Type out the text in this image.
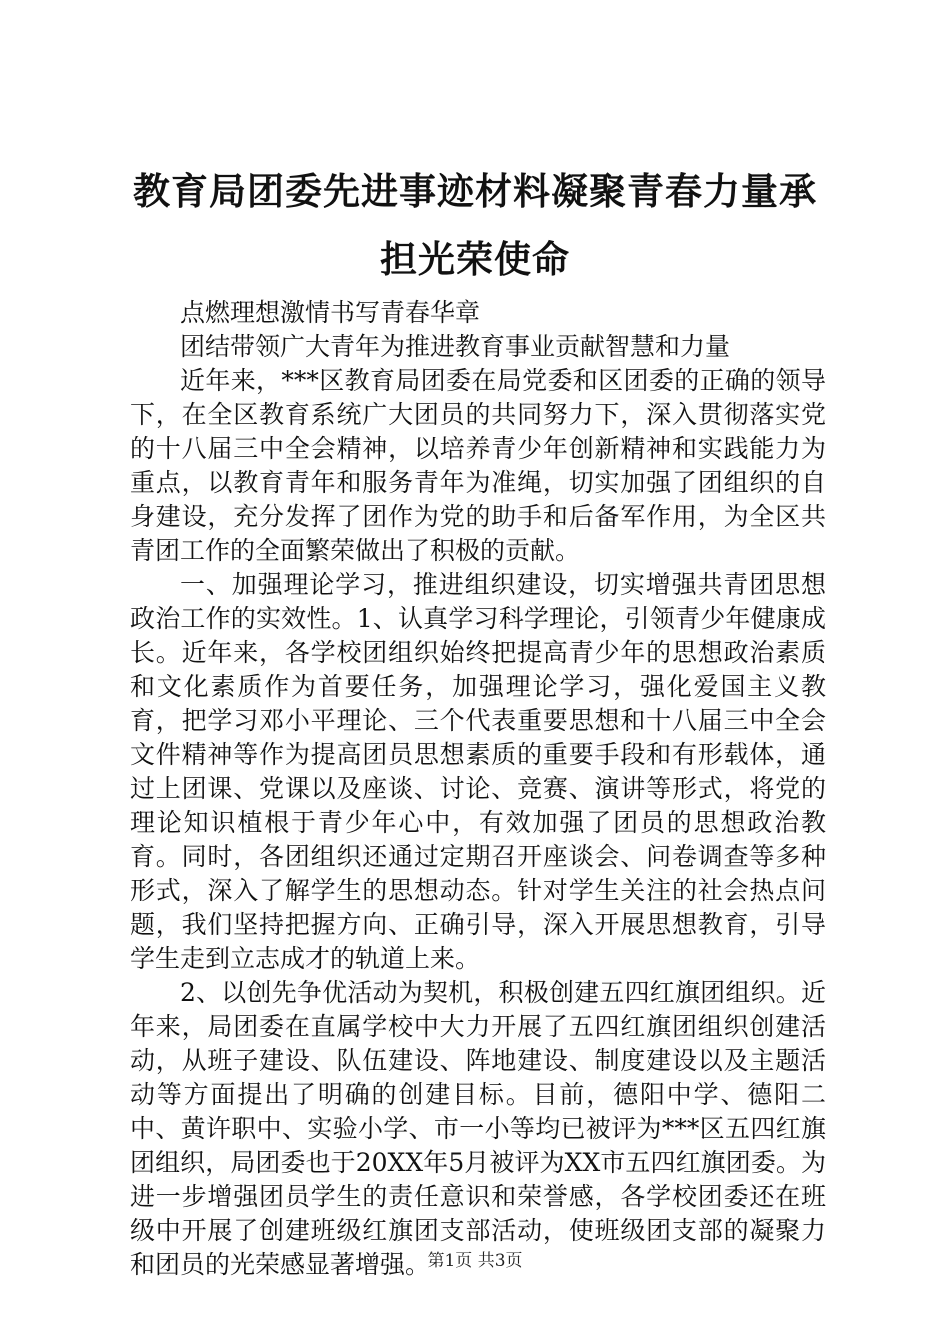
教育局团委先进事迹材料凝聚青春力量承担光荣使命

点燃理想激情书写青春华章

团结带领广大青年为推进教育事业贡献智慧和力量

近年来，***区教育局团委在局党委和区团委的正确的领导下，在全区教育系统广大团员的共同努力下，深入贯彻落实党的十八届三中全会精神，以培养青少年创新精神和实践能力为重点，以教育青年和服务青年为准绳，切实加强了团组织的自身建设，充分发挥了团作为党的助手和后备军作用，为全区共青团工作的全面繁荣做出了积极的贡献。

一、加强理论学习，推进组织建设，切实增强共青团思想政治工作的实效性。1、认真学习科学理论，引领青少年健康成长。近年来，各学校团组织始终把提高青少年的思想政治素质和文化素质作为首要任务，加强理论学习，强化爱国主义教育，把学习邓小平理论、三个代表重要思想和十八届三中全会文件精神等作为提高团员思想素质的重要手段和有形载体，通过上团课、党课以及座谈、讨论、竞赛、演讲等形式，将党的理论知识植根于青少年心中，有效加强了团员的思想政治教育。同时，各团组织还通过定期召开座谈会、问卷调查等多种形式，深入了解学生的思想动态。针对学生关注的社会热点问题，我们坚持把握方向、正确引导，深入开展思想教育，引导学生走到立志成才的轨道上来。

2、以创先争优活动为契机，积极创建五四红旗团组织。近年来，局团委在直属学校中大力开展了五四红旗团组织创建活动，从班子建设、队伍建设、阵地建设、制度建设以及主题活动等方面提出了明确的创建目标。目前，德阳中学、德阳二中、黄许职中、实验小学、市一小等均已被评为***区五四红旗团组织，局团委也于20XX年5月被评为XX市五四红旗团委。为进一步增强团员学生的责任意识和荣誉感，各学校团委还在班级中开展了创建班级红旗团支部活动，使班级团支部的凝聚力和团员的光荣感显著增强。

第1页 共3页
